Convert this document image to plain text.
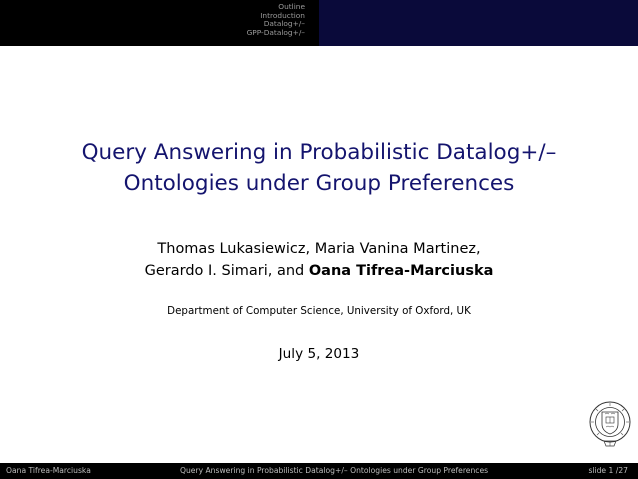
Outline
Introduction
Datalog+/–
GPP-Datalog+/–
Query Answering in Probabilistic Datalog+/–
Ontologies under Group Preferences
Thomas Lukasiewicz, Maria Vanina Martinez,
Gerardo I. Simari, and Oana Tifrea-Marciuska
Department of Computer Science, University of Oxford, UK
July 5, 2013
Oana Tifrea-Marciuska	Query Answering in Probabilistic Datalog+/– Ontologies under Group Preferences	slide 1 /27
